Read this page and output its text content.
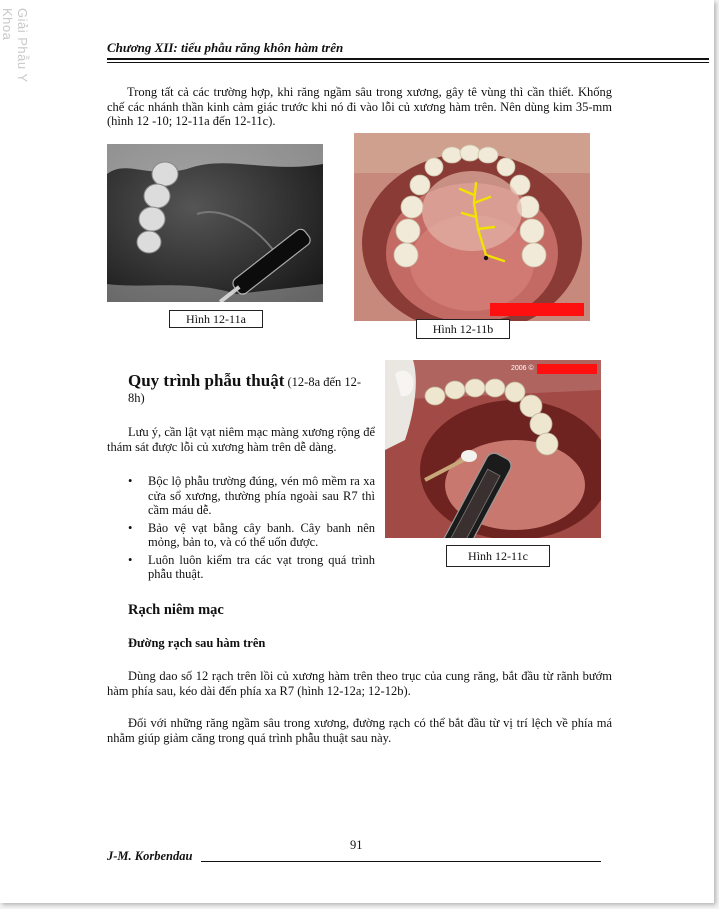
Giải Phẫu Y Khoa
Chương XII: tiểu phẫu răng khôn hàm trên
Trong tất cả các trường hợp, khi răng ngầm sâu trong xương, gây tê vùng thì cần thiết. Khống chế các nhánh thần kinh cảm giác trước khi nó đi vào lỗi củ xương hàm trên. Nên dùng kim 35-mm (hình 12 -10; 12-11a đến 12-11c).
Hình 12-11a
Hình 12-11b
2006 ©
Hình 12-11c
Quy trình phẫu thuật (12-8a đến 12-8h)
Lưu ý, cần lật vạt niêm mạc màng xương rộng để thám sát được lỗi củ xương hàm trên dễ dàng.
• Bộc lộ phẫu trường đúng, vén mô mềm ra xa cửa sổ xương, thường phía ngoài sau R7 thì cầm máu dễ.
• Bảo vệ vạt bằng cây banh. Cây banh nên mỏng, bản to, và có thể uốn được.
• Luôn luôn kiểm tra các vạt trong quá trình phẫu thuật.
Rạch niêm mạc
Đường rạch sau hàm trên
Dùng dao số 12 rạch trên lồi củ xương hàm trên theo trục của cung răng, bắt đầu từ rãnh bướm hàm phía sau, kéo dài đến phía xa R7 (hình 12-12a; 12-12b).
Đối với những răng ngầm sâu trong xương, đường rạch có thể bắt đầu từ vị trí lệch về phía má nhằm giúp giảm căng trong quá trình phẫu thuật sau này.
91
J-M. Korbendau
